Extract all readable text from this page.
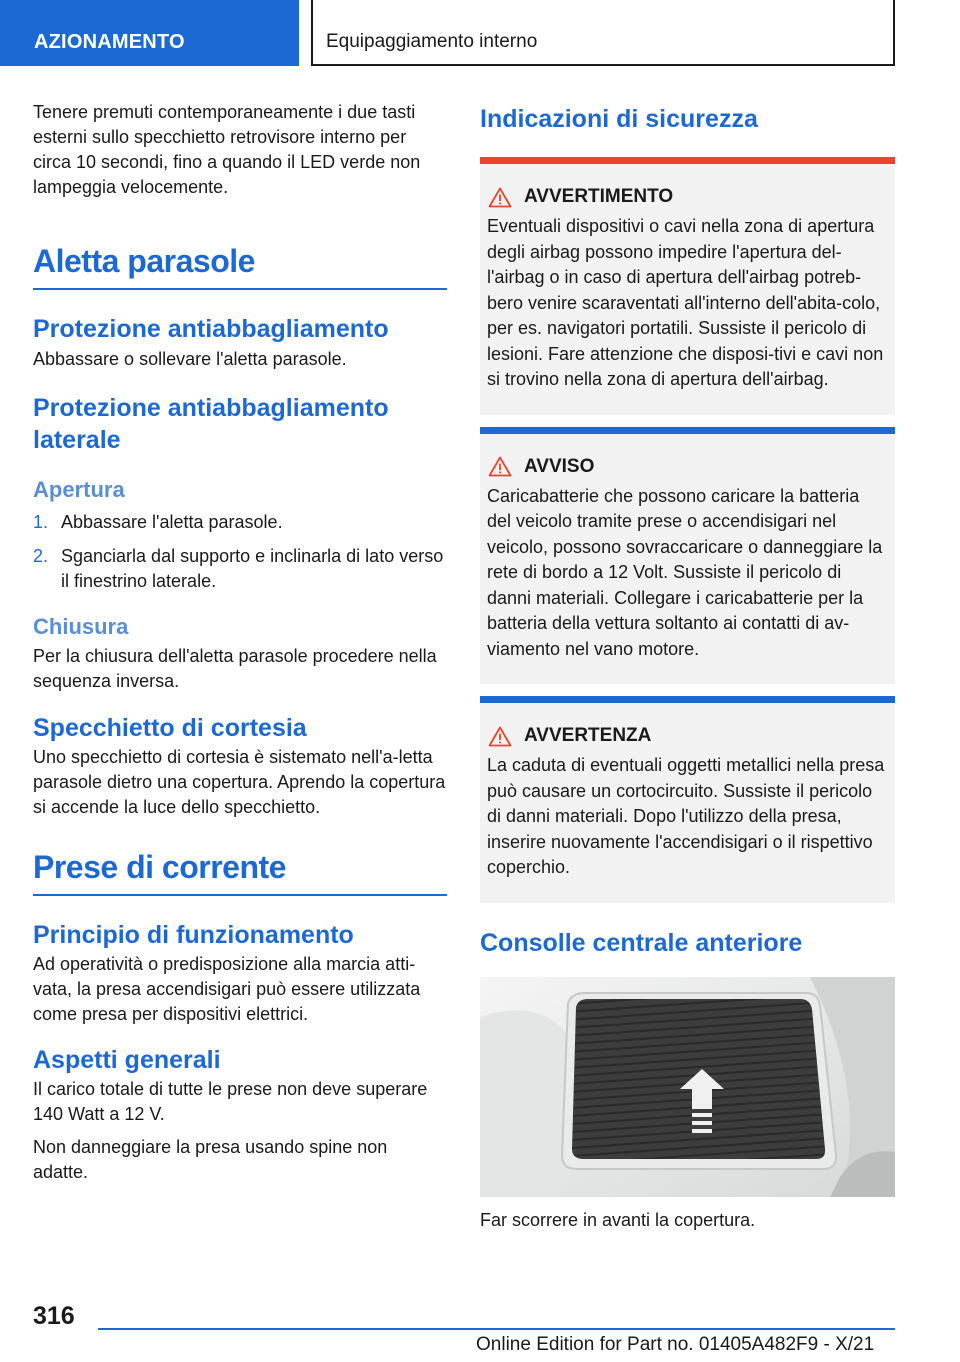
AZIONAMENTO	Equipaggiamento interno

Tenere premuti contemporaneamente i due tasti esterni sullo specchietto retrovisore interno per circa 10 secondi, fino a quando il LED verde non lampeggia velocemente.

Aletta parasole
Protezione antiabbagliamento

Abbassare o sollevare l'aletta parasole.

Protezione antiabbagliamento laterale
Apertura
1. Abbassare l'aletta parasole.
2. Sganciarla dal supporto e inclinarla di lato verso il finestrino laterale.
Chiusura

Per la chiusura dell'aletta parasole procedere nella sequenza inversa.

Specchietto di cortesia

Uno specchietto di cortesia è sistemato nell'a‐letta parasole dietro una copertura. Aprendo la copertura si accende la luce dello specchietto.

Prese di corrente
Principio di funzionamento

Ad operatività o predisposizione alla marcia atti‐vata, la presa accendisigari può essere utilizzata come presa per dispositivi elettrici.

Aspetti generali

Il carico totale di tutte le prese non deve superare 140 Watt a 12 V.

Non danneggiare la presa usando spine non adatte.

Indicazioni di sicurezza
AVVERTIMENTO

Eventuali dispositivi o cavi nella zona di apertura degli airbag possono impedire l'apertura del‐l'airbag o in caso di apertura dell'airbag potreb‐bero venire scaraventati all'interno dell'abita‐colo, per es. navigatori portatili. Sussiste il pericolo di lesioni. Fare attenzione che disposi‐tivi e cavi non si trovino nella zona di apertura dell'airbag.

AVVISO

Caricabatterie che possono caricare la batteria del veicolo tramite prese o accendisigari nel veicolo, possono sovraccaricare o danneggiare la rete di bordo a 12 Volt. Sussiste il pericolo di danni materiali. Collegare i caricabatterie per la batteria della vettura soltanto ai contatti di av‐viamento nel vano motore.

AVVERTENZA

La caduta di eventuali oggetti metallici nella presa può causare un cortocircuito. Sussiste il pericolo di danni materiali. Dopo l'utilizzo della presa, inserire nuovamente l'accendisigari o il rispettivo coperchio.

Consolle centrale anteriore

Far scorrere in avanti la copertura.

316
Online Edition for Part no. 01405A482F9 - X/21
